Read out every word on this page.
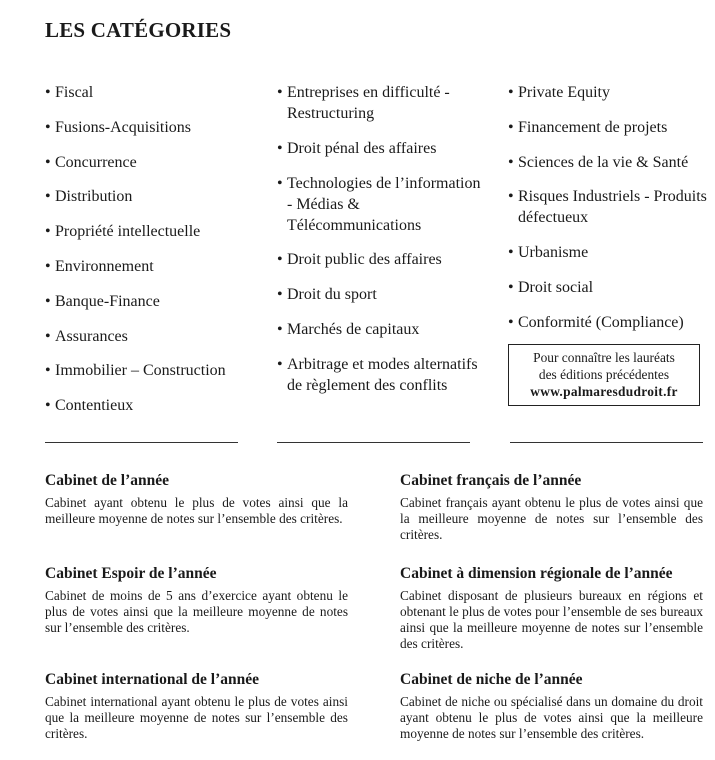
LES CATÉGORIES
• Fiscal
• Fusions-Acquisitions
• Concurrence
• Distribution
• Propriété intellectuelle
• Environnement
• Banque-Finance
• Assurances
• Immobilier – Construction
• Contentieux
• Entreprises en difficulté - Restructuring
• Droit pénal des affaires
• Technologies de l’information - Médias & Télécommunications
• Droit public des affaires
• Droit du sport
• Marchés de capitaux
• Arbitrage et modes alternatifs de règlement des conflits
• Private Equity
• Financement de projets
• Sciences de la vie & Santé
• Risques Industriels - Produits défectueux
• Urbanisme
• Droit social
• Conformité (Compliance)
Pour connaître les lauréats
des éditions précédentes
www.palmaresdudroit.fr
Cabinet de l’année

Cabinet ayant obtenu le plus de votes ainsi que la meilleure moyenne de notes sur l’ensemble des critères.

Cabinet français de l’année

Cabinet français ayant obtenu le plus de votes ainsi que la meilleure moyenne de notes sur l’ensemble des critères.

Cabinet Espoir de l’année

Cabinet de moins de 5 ans d’exercice ayant obtenu le plus de votes ainsi que la meilleure moyenne de notes sur l’ensemble des critères.

Cabinet à dimension régionale de l’année

Cabinet disposant de plusieurs bureaux en régions et obtenant le plus de votes pour l’ensemble de ses bureaux ainsi que la meilleure moyenne de notes sur l’ensemble des critères.

Cabinet international de l’année

Cabinet international ayant obtenu le plus de votes ainsi que la meilleure moyenne de notes sur l’ensemble des critères.

Cabinet de niche de l’année

Cabinet de niche ou spécialisé dans un domaine du droit ayant obtenu le plus de votes ainsi que la meilleure moyenne de notes sur l’ensemble des critères.
